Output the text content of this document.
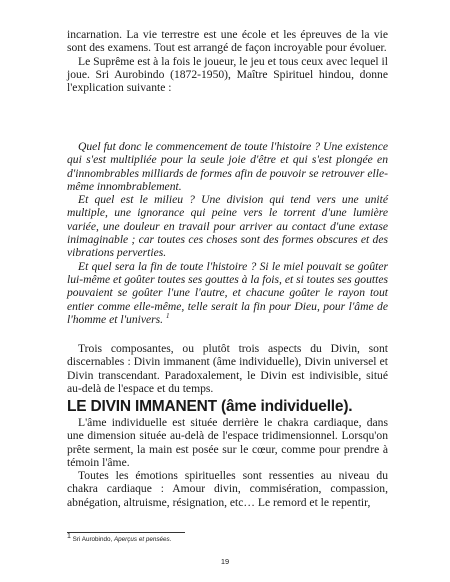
incarnation. La vie terrestre est une école et les épreuves de la vie sont des examens. Tout est arrangé de façon incroyable pour évoluer.

Le Suprême est à la fois le joueur, le jeu et tous ceux avec lequel il joue. Sri Aurobindo (1872-1950), Maître Spirituel hindou, donne l'explication suivante :

Quel fut donc le commencement de toute l'histoire ? Une existence qui s'est multipliée pour la seule joie d'être et qui s'est plongée en d'innombrables milliards de formes afin de pouvoir se retrouver elle-même innombrablement.

Et quel est le milieu ? Une division qui tend vers une unité multiple, une ignorance qui peine vers le torrent d'une lumière variée, une douleur en travail pour arriver au contact d'une extase inimaginable ; car toutes ces choses sont des formes obscures et des vibrations perverties.

Et quel sera la fin de toute l'histoire ? Si le miel pouvait se goûter lui-même et goûter toutes ses gouttes à la fois, et si toutes ses gouttes pouvaient se goûter l'une l'autre, et chacune goûter le rayon tout entier comme elle-même, telle serait la fin pour Dieu, pour l'âme de l'homme et l'univers. $^1$

Trois composantes, ou plutôt trois aspects du Divin, sont discernables : Divin immanent (âme individuelle), Divin universel et Divin transcendant. Paradoxalement, le Divin est indivisible, situé au-delà de l'espace et du temps.

LE DIVIN IMMANENT (âme individuelle).

L'âme individuelle est située derrière le chakra cardiaque, dans une dimension située au-delà de l'espace tridimensionnel. Lorsqu'on prête serment, la main est posée sur le cœur, comme pour prendre à témoin l'âme.

Toutes les émotions spirituelles sont ressenties au niveau du chakra cardiaque : Amour divin, commisération, compassion, abnégation, altruisme, résignation, etc… Le remord et le repentir,

$^1$ Sri Aurobindo, Aperçus et pensées.
19
